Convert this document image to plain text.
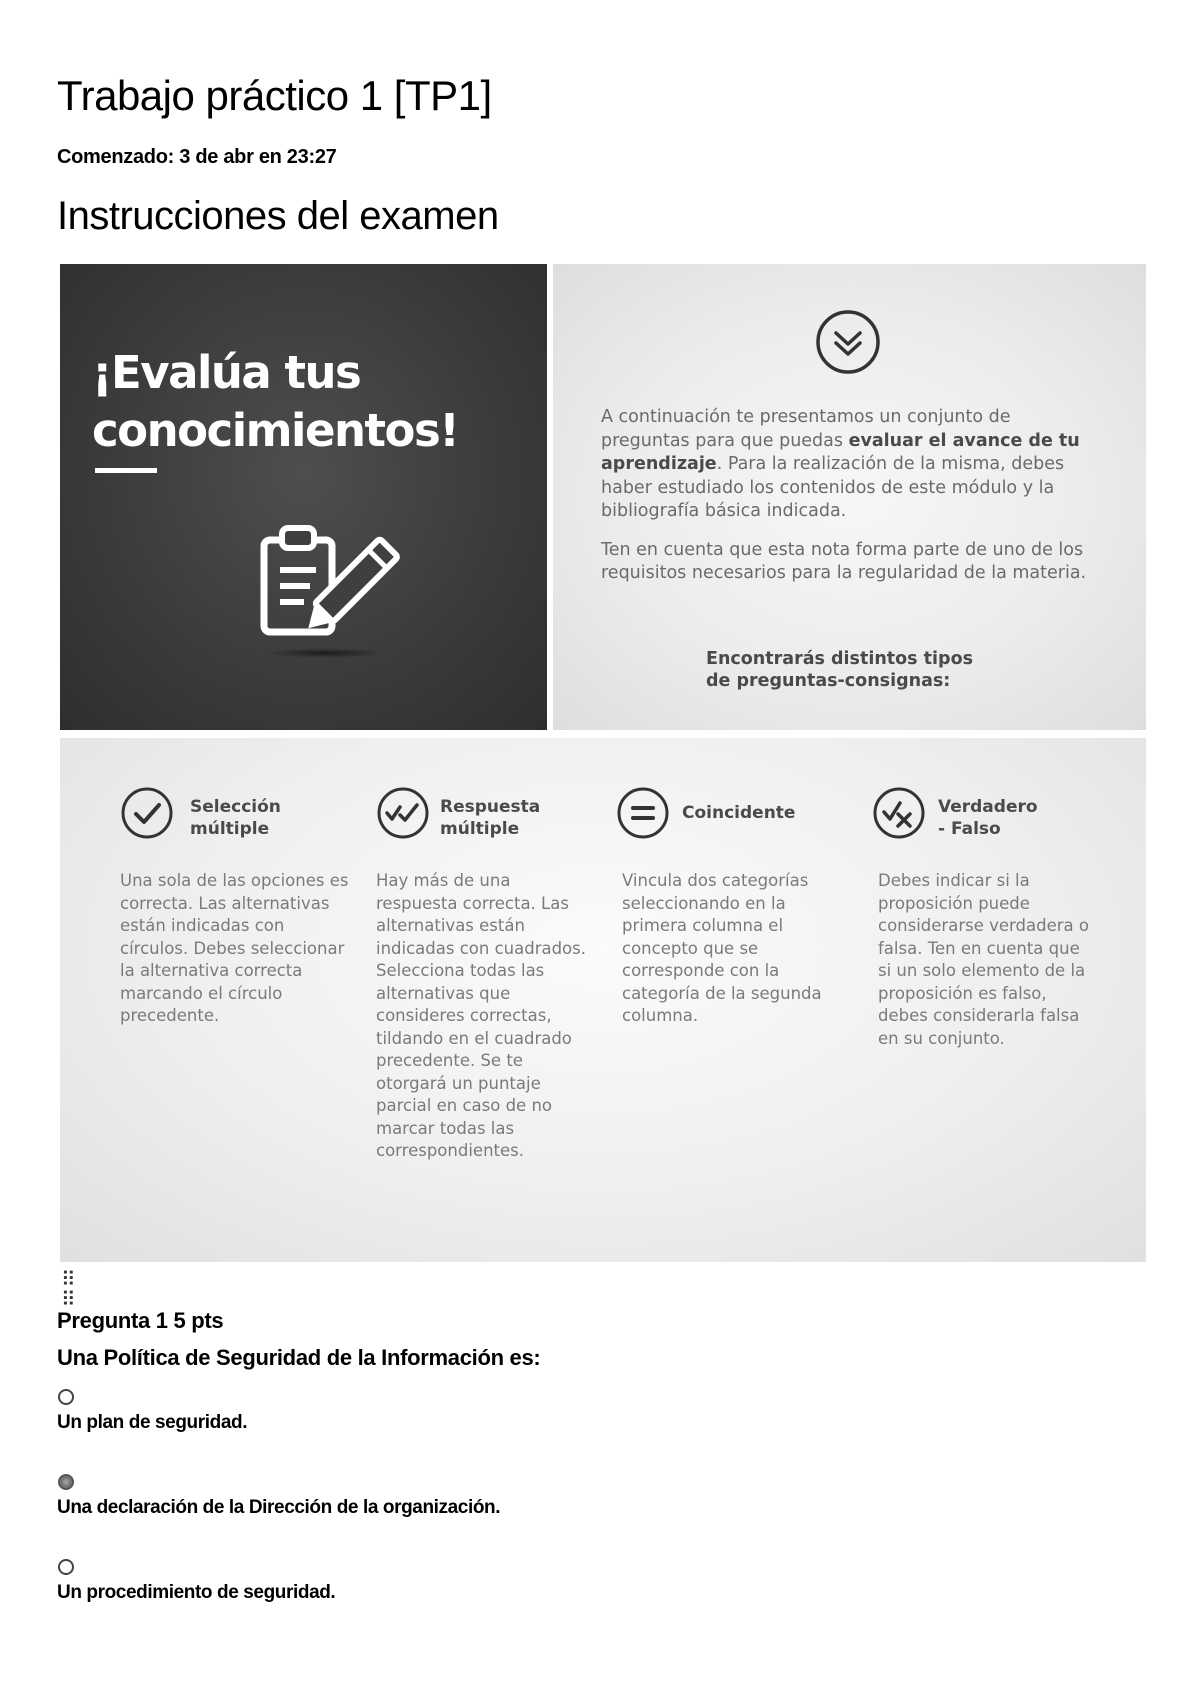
Trabajo práctico 1 [TP1]
Comenzado: 3 de abr en 23:27
Instrucciones del examen
¡Evalúa tus
conocimientos!	A continuación te presentamos un conjunto de preguntas para que puedas evaluar el avance de tu aprendizaje. Para la realización de la misma, debes haber estudiado los contenidos de este módulo y la bibliografía básica indicada.

Ten en cuenta que esta nota forma parte de uno de los requisitos necesarios para la regularidad de la materia.

Encontrarás distintos tipos
de preguntas-consignas:
Selección
múltiple
Una sola de las opciones es correcta. Las alternativas están indicadas con círculos. Debes seleccionar la alternativa correcta marcando el círculo precedente.
Respuesta
múltiple
Hay más de una respuesta correcta. Las alternativas están indicadas con cuadrados. Selecciona todas las alternativas que consideres correctas, tildando en el cuadrado precedente. Se te otorgará un puntaje parcial en caso de no marcar todas las correspondientes.
Coincidente
Vincula dos categorías seleccionando en la primera columna el concepto que se corresponde con la categoría de la segunda columna.
Verdadero
- Falso
Debes indicar si la proposición puede considerarse verdadera o falsa. Ten en cuenta que si un solo elemento de la proposición es falso, debes considerarla falsa en su conjunto.
⠿
⠿
Pregunta 1 5 pts
Una Política de Seguridad de la Información es:
Un plan de seguridad.
Una declaración de la Dirección de la organización.
Un procedimiento de seguridad.
